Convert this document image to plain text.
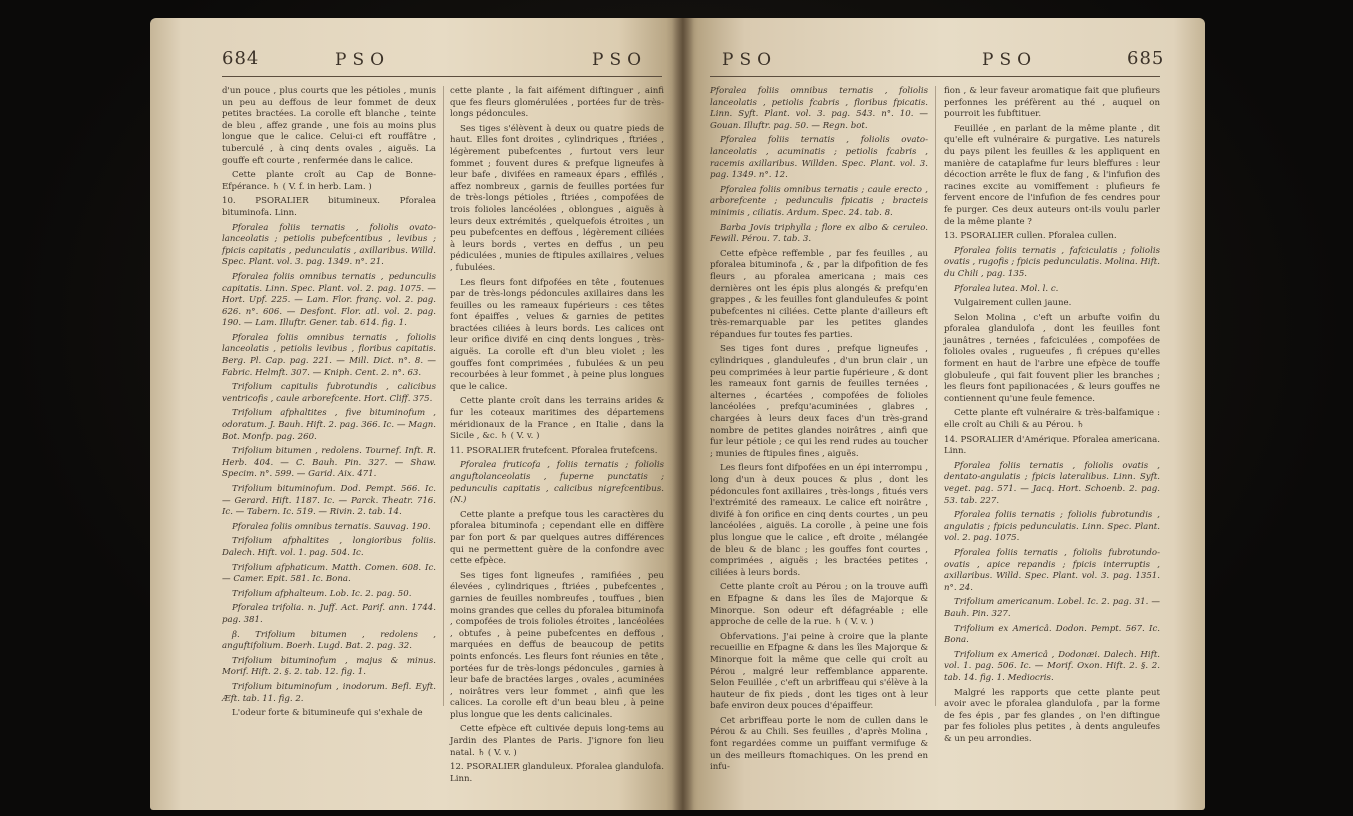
684	PSO	PSO

d'un pouce , plus courts que les pétioles , munis un peu au deffous de leur fommet de deux petites bractées. La corolle eft blanche , teinte de bleu , affez grande , une fois au moins plus longue que le calice. Celui-ci eft rouffâtre , tuberculé , à cinq dents ovales , aiguës. La gouffe eft courte , renfermée dans le calice.

Cette plante croît au Cap de Bonne-Efpérance. ♄ ( V. f. in herb. Lam. )

10. PSORALIER bitumineux. Pforalea bituminofa. Linn.

Pforalea foliis ternatis , foliolis ovato-lanceolatis ; petiolis pubefcentibus , levibus ; fpicis capitatis , pedunculatis , axillaribus. Willd. Spec. Plant. vol. 3. pag. 1349. n°. 21.

Pforalea foliis omnibus ternatis , pedunculis capitatis. Linn. Spec. Plant. vol. 2. pag. 1075. — Hort. Upf. 225. — Lam. Flor. franç. vol. 2. pag. 626. n°. 606. — Desfont. Flor. atl. vol. 2. pag. 190. — Lam. Illuftr. Gener. tab. 614. fig. 1.

Pforalea foliis omnibus ternatis , foliolis lanceolatis , petiolis levibus , floribus capitatis. Berg. Pl. Cap. pag. 221. — Mill. Dict. n°. 8. — Fabric. Helmft. 307. — Kniph. Cent. 2. n°. 63.

Trifolium capitulis fubrotundis , calicibus ventricofis , caule arborefcente. Hort. Cliff. 375.

Trifolium afphaltites , five bituminofum , odoratum. J. Bauh. Hift. 2. pag. 366. Ic. — Magn. Bot. Monfp. pag. 260.

Trifolium bitumen , redolens. Tournef. Inft. R. Herb. 404. — C. Bauh. Pin. 327. — Shaw. Specim. n°. 599. — Garid. Aix. 471.

Trifolium bituminofum. Dod. Pempt. 566. Ic. — Gerard. Hift. 1187. Ic. — Parck. Theatr. 716. Ic. — Tabern. Ic. 519. — Rivin. 2. tab. 14.

Pforalea foliis omnibus ternatis. Sauvag. 190.

Trifolium afphaltites , longioribus foliis. Dalech. Hift. vol. 1. pag. 504. Ic.

Trifolium afphaticum. Matth. Comen. 608. Ic. — Camer. Epit. 581. Ic. Bona.

Trifolium afphalteum. Lob. Ic. 2. pag. 50.

Pforalea trifolia. n. Juff. Act. Parif. ann. 1744. pag. 381.

β. Trifolium bitumen , redolens , anguftifolium. Boerh. Lugd. Bat. 2. pag. 32.

Trifolium bituminofum , majus & minus. Morif. Hift. 2. §. 2. tab. 12. fig. 1.

Trifolium bituminofum , inodorum. Befl. Eyft. Æft. tab. 11. fig. 2.

L'odeur forte & bitumineufe qui s'exhale de

cette plante , la fait aifément diftinguer , ainfi que fes fleurs glomérulées , portées fur de très-longs pédoncules.

Ses tiges s'élèvent à deux ou quatre pieds de haut. Elles font droites , cylindriques , ftriées , légèrement pubefcentes , furtout vers leur fommet ; fouvent dures & prefque ligneufes à leur bafe , divifées en rameaux épars , effilés , affez nombreux , garnis de feuilles portées fur de très-longs pétioles , ftriées , compofées de trois folioles lancéolées , oblongues , aiguës à leurs deux extrémités , quelquefois étroites , un peu pubefcentes en deffous , légèrement ciliées à leurs bords , vertes en deffus , un peu pédiculées , munies de ftipules axillaires , velues , fubulées.

Les fleurs font difpofées en tête , foutenues par de très-longs pédoncules axillaires dans les feuilles ou les rameaux fupérieurs : ces têtes font épaiffes , velues & garnies de petites bractées ciliées à leurs bords. Les calices ont leur orifice divifé en cinq dents longues , très-aiguës. La corolle eft d'un bleu violet ; les gouffes font comprimées , fubulées & un peu recourbées à leur fommet , à peine plus longues que le calice.

Cette plante croît dans les terrains arides & fur les coteaux maritimes des départemens méridionaux de la France , en Italie , dans la Sicile , &c. ♄ ( V. v. )

11. PSORALIER frutefcent. Pforalea frutefcens.

Pforalea fruticofa , foliis ternatis ; foliolis anguftolanceolatis , fuperne punctatis ; pedunculis capitatis , calicibus nigrefcentibus. (N.)

Cette plante a prefque tous les caractères du pforalea bituminofa ; cependant elle en diffère par fon port & par quelques autres différences qui ne permettent guère de la confondre avec cette efpèce.

Ses tiges font ligneufes , ramifiées , peu élevées , cylindriques , ftriées , pubefcentes , garnies de feuilles nombreufes , touffues , bien moins grandes que celles du pforalea bituminofa , compofées de trois folioles étroites , lancéolées , obtufes , à peine pubefcentes en deffous , marquées en deffus de beaucoup de petits points enfoncés. Les fleurs font réunies en tête , portées fur de très-longs pédoncules , garnies à leur bafe de bractées larges , ovales , acuminées , noirâtres vers leur fommet , ainfi que les calices. La corolle eft d'un beau bleu , à peine plus longue que les dents calicinales.

Cette efpèce eft cultivée depuis long-tems au Jardin des Plantes de Paris. J'ignore fon lieu natal. ♄ ( V. v. )

12. PSORALIER glanduleux. Pforalea glandulofa. Linn.

PSO	PSO	685

Pforalea foliis omnibus ternatis , foliolis lanceolatis , petiolis fcabris , floribus fpicatis. Linn. Syft. Plant. vol. 3. pag. 543. n°. 10. — Gouan. Illuftr. pag. 50. — Regn. bot.

Pforalea foliis ternatis , foliolis ovato-lanceolatis , acuminatis ; petiolis fcabris , racemis axillaribus. Willden. Spec. Plant. vol. 3. pag. 1349. n°. 12.

Pforalea foliis omnibus ternatis ; caule erecto , arborefcente ; pedunculis fpicatis ; bracteis minimis , ciliatis. Ardum. Spec. 24. tab. 8.

Barba Jovis triphylla ; flore ex albo & ceruleo. Fewill. Pérou. 7. tab. 3.

Cette efpèce reffemble , par fes feuilles , au pforalea bituminofa , & , par la difpofition de fes fleurs , au pforalea americana ; mais ces dernières ont les épis plus alongés & prefqu'en grappes , & les feuilles font glanduleufes & point pubefcentes ni ciliées. Cette plante d'ailleurs eft très-remarquable par les petites glandes répandues fur toutes fes parties.

Ses tiges font dures , prefque ligneufes , cylindriques , glanduleufes , d'un brun clair , un peu comprimées à leur partie fupérieure , & dont les rameaux font garnis de feuilles ternées , alternes , écartées , compofées de folioles lancéolées , prefqu'acuminées , glabres , chargées à leurs deux faces d'un très-grand nombre de petites glandes noirâtres , ainfi que fur leur pétiole ; ce qui les rend rudes au toucher ; munies de ftipules fines , aiguës.

Les fleurs font difpofées en un épi interrompu , long d'un à deux pouces & plus , dont les pédoncules font axillaires , très-longs , fitués vers l'extrémité des rameaux. Le calice eft noirâtre , divifé à fon orifice en cinq dents courtes , un peu lancéolées , aiguës. La corolle , à peine une fois plus longue que le calice , eft droite , mélangée de bleu & de blanc ; les gouffes font courtes , comprimées , aiguës ; les bractées petites , ciliées à leurs bords.

Cette plante croît au Pérou ; on la trouve auffi en Efpagne & dans les îles de Majorque & Minorque. Son odeur eft défagréable ; elle approche de celle de la rue. ♄ ( V. v. )

Obfervations. J'ai peine à croire que la plante recueillie en Efpagne & dans les îles Majorque & Minorque foit la même que celle qui croît au Pérou , malgré leur reffemblance apparente. Selon Feuillée , c'eft un arbriffeau qui s'élève à la hauteur de fix pieds , dont les tiges ont à leur bafe environ deux pouces d'épaiffeur.

Cet arbriffeau porte le nom de cullen dans le Pérou & au Chili. Ses feuilles , d'après Molina , font regardées comme un puiffant vermifuge & un des meilleurs ftomachiques. On les prend en infu-

fion , & leur faveur aromatique fait que plufieurs perfonnes les préfèrent au thé , auquel on pourroit les fubftituer.

Feuillée , en parlant de la même plante , dit qu'elle eft vulnéraire & purgative. Les naturels du pays pilent les feuilles & les appliquent en manière de cataplafme fur leurs bleffures : leur décoction arrête le flux de fang , & l'infufion des racines excite au vomiffement : plufieurs fe fervent encore de l'infufion de fes cendres pour fe purger. Ces deux auteurs ont-ils voulu parler de la même plante ?

13. PSORALIER cullen. Pforalea cullen.

Pforalea foliis ternatis , fafciculatis ; foliolis ovatis , rugofis ; fpicis pedunculatis. Molina. Hift. du Chili , pag. 135.

Pforalea lutea. Mol. l. c.

Vulgairement cullen jaune.

Selon Molina , c'eft un arbufte voifin du pforalea glandulofa , dont les feuilles font jaunâtres , ternées , fafciculées , compofées de folioles ovales , rugueufes , fi crépues qu'elles forment en haut de l'arbre une efpèce de touffe globuleufe , qui fait fouvent plier les branches ; les fleurs font papilionacées , & leurs gouffes ne contiennent qu'une feule femence.

Cette plante eft vulnéraire & très-balfamique : elle croît au Chili & au Pérou. ♄

14. PSORALIER d'Amérique. Pforalea americana. Linn.

Pforalea foliis ternatis , foliolis ovatis , dentato-angulatis ; fpicis lateralibus. Linn. Syft. veget. pag. 571. — Jacq. Hort. Schoenb. 2. pag. 53. tab. 227.

Pforalea foliis ternatis ; foliolis fubrotundis , angulatis ; fpicis pedunculatis. Linn. Spec. Plant. vol. 2. pag. 1075.

Pforalea foliis ternatis , foliolis fubrotundo-ovatis , apice repandis ; fpicis interruptis , axillaribus. Willd. Spec. Plant. vol. 3. pag. 1351. n°. 24.

Trifolium americanum. Lobel. Ic. 2. pag. 31. — Bauh. Pin. 327.

Trifolium ex Americâ. Dodon. Pempt. 567. Ic. Bona.

Trifolium ex Americâ , Dodonæi. Dalech. Hift. vol. 1. pag. 506. Ic. — Morif. Oxon. Hift. 2. §. 2. tab. 14. fig. 1. Mediocris.

Malgré les rapports que cette plante peut avoir avec le pforalea glandulofa , par la forme de fes épis , par fes glandes , on l'en diftingue par fes folioles plus petites , à dents anguleufes & un peu arrondies.
